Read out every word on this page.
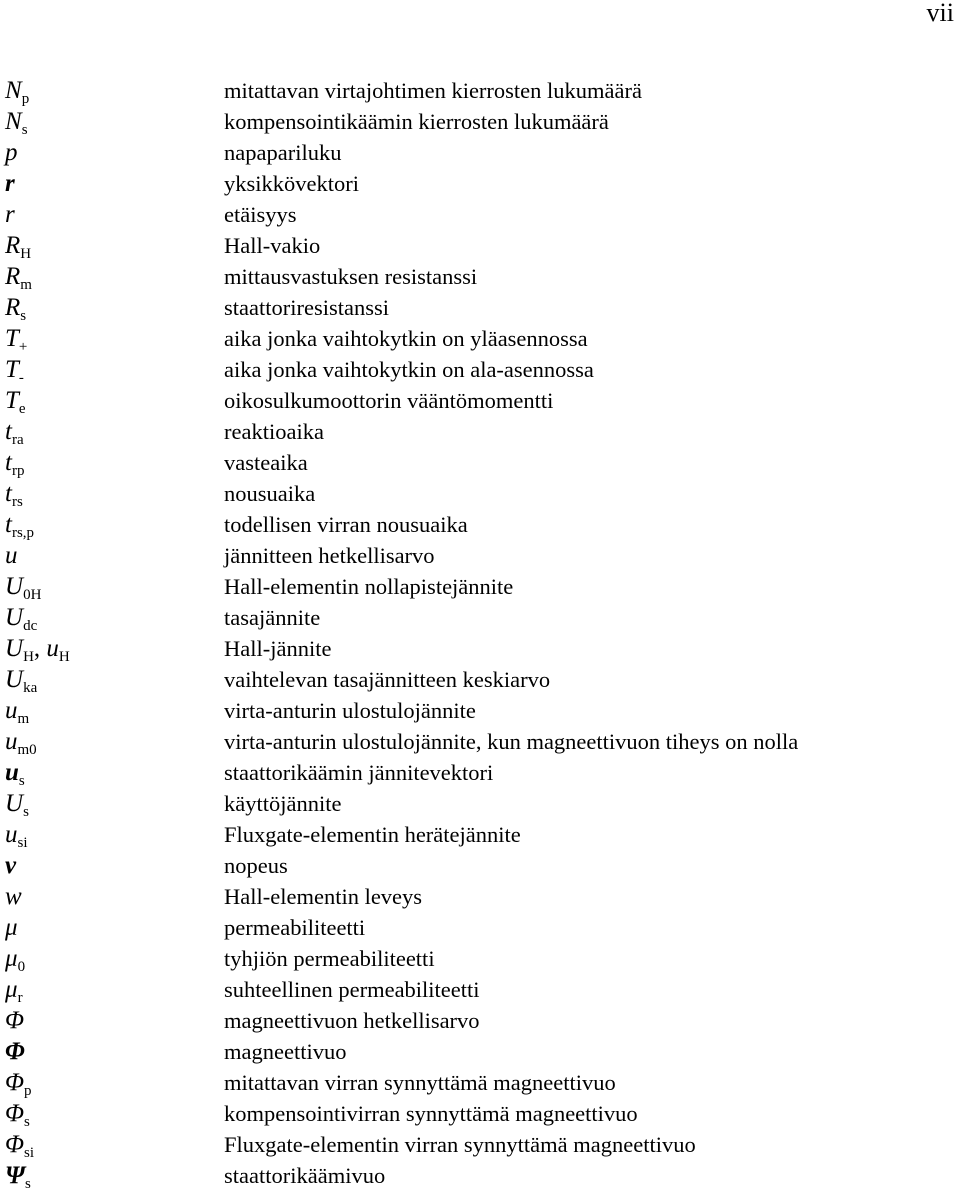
vii
$N_p$	mitattavan virtajohtimen kierrosten lukumäärä
$N_s$	kompensointikäämin kierrosten lukumäärä
p	napapariluku
r	yksikkövektori
r	etäisyys
$R_H$	Hall-vakio
$R_m$	mittausvastuksen resistanssi
$R_s$	staattoriresistanssi
$T_+$	aika jonka vaihtokytkin on yläasennossa
$T_-$	aika jonka vaihtokytkin on ala-asennossa
$T_e$	oikosulkumoottorin vääntömomentti
$t_{ra}$	reaktioaika
$t_{rp}$	vasteaika
$t_{rs}$	nousuaika
$t_{rs,p}$	todellisen virran nousuaika
u	jännitteen hetkellisarvo
$U_{0H}$	Hall-elementin nollapistejännite
$U_{dc}$	tasajännite
$U_H$, $u_H$	Hall-jännite
$U_{ka}$	vaihtelevan tasajännitteen keskiarvo
$u_m$	virta-anturin ulostulojännite
$u_{m0}$	virta-anturin ulostulojännite, kun magneettivuon tiheys on nolla
$u_s$	staattorikäämin jännitevektori
$U_s$	käyttöjännite
$u_{si}$	Fluxgate-elementin herätejännite
v	nopeus
w	Hall-elementin leveys
μ	permeabiliteetti
$\mu_0$	tyhjiön permeabiliteetti
$\mu_r$	suhteellinen permeabiliteetti
Φ	magneettivuon hetkellisarvo
Φ	magneettivuo
$\Phi_p$	mitattavan virran synnyttämä magneettivuo
$\Phi_s$	kompensointivirran synnyttämä magneettivuo
$\Phi_{si}$	Fluxgate-elementin virran synnyttämä magneettivuo
$\Psi_s$	staattorikäämivuo
